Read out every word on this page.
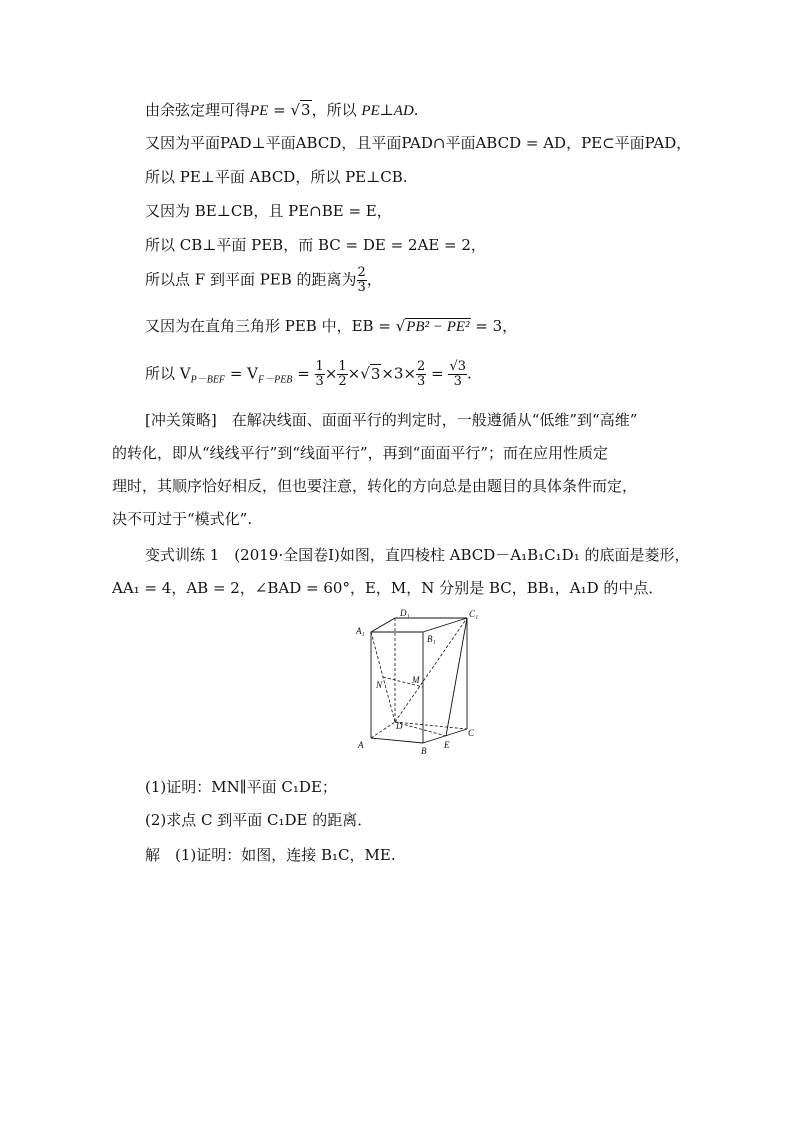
由余弦定理可得PE = √3，所以 PE⊥AD.
又因为平面PAD⊥平面ABCD，且平面PAD∩平面ABCD = AD，PE⊂平面PAD，
所以 PE⊥平面 ABCD，所以 PE⊥CB.
又因为 BE⊥CB，且 PE∩BE = E，
所以 CB⊥平面 PEB，而 BC = DE = 2AE = 2，
所以点 F 到平面 PEB 的距离为 $\frac{2}{3}$ ，
又因为在直角三角形 PEB 中，EB = √PB² − PE² = 3，
所以 $V_{P-BEF} = V_{F-PEB} = \frac{1}{3} \times \frac{1}{2} \times√3\times 3\times \frac{2}{3} = \frac{√3}{3}$ .
[冲关策略]　在解决线面、面面平行的判定时，一般遵循从“低维”到“高维”
的转化，即从“线线平行”到“线面平行”，再到“面面平行”；而在应用性质定
理时，其顺序恰好相反，但也要注意，转化的方向总是由题目的具体条件而定，
决不可过于“模式化”.
变式训练 1　(2019·全国卷Ⅰ)如图，直四棱柱 ABCD－A₁B₁C₁D₁ 的底面是菱形，
AA₁ = 4，AB = 2，∠BAD = 60°，E，M，N 分别是 BC，BB₁，A₁D 的中点．
A₁
D₁	C₁
B₁
M
N
D
A
B
E
C
(1)证明：MN∥平面 C₁DE；
(2)求点 C 到平面 C₁DE 的距离．
解　(1)证明：如图，连接 B₁C，ME.
